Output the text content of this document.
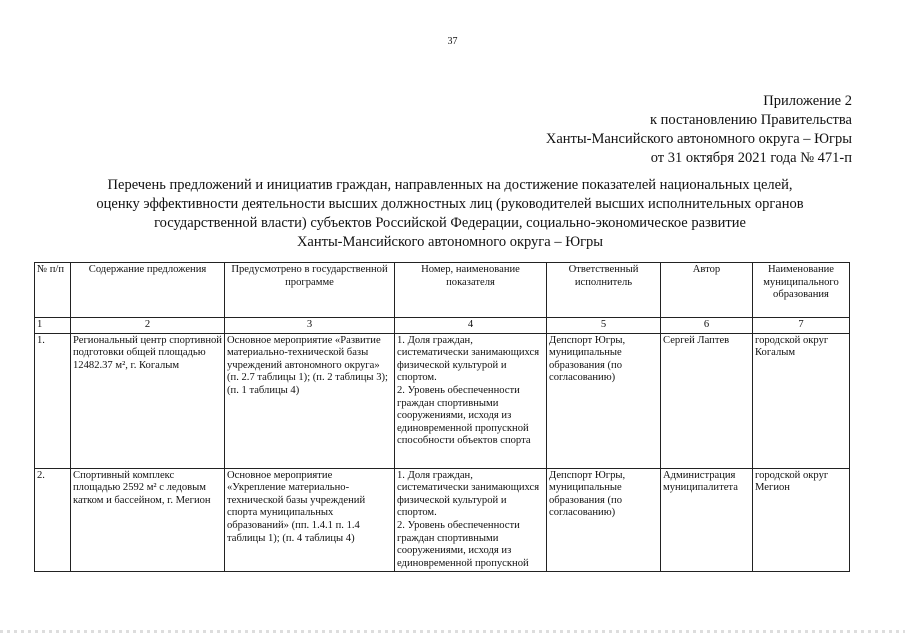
37
Приложение 2
к постановлению Правительства
Ханты-Мансийского автономного округа – Югры
от 31 октября 2021 года № 471-п
Перечень предложений и инициатив граждан, направленных на достижение показателей национальных целей,
оценку эффективности деятельности высших должностных лиц (руководителей высших исполнительных органов
государственной власти) субъектов Российской Федерации, социально-экономическое развитие
Ханты-Мансийского автономного округа – Югры
№ п/п	Содержание предложения	Предусмотрено в государственной программе	Номер, наименование показателя	Ответственный исполнитель	Автор	Наименование муниципального образования
1	2	3	4	5	6	7
1.	Региональный центр спортивной подготовки общей площадью 12482.37 м², г. Когалым	Основное мероприятие «Развитие материально-технической базы учреждений автономного округа» (п. 2.7 таблицы 1); (п. 2 таблицы 3); (п. 1 таблицы 4)	1. Доля граждан, систематически занимающихся физической культурой и спортом.
2. Уровень обеспеченности граждан спортивными сооружениями, исходя из единовременной пропускной способности объектов спорта	Депспорт Югры, муниципальные образования (по согласованию)	Сергей Лаптев	городской округ Когалым
2.	Спортивный комплекс площадью 2592 м² с ледовым катком и бассейном, г. Мегион	Основное мероприятие «Укрепление материально-технической базы учреждений спорта муниципальных образований» (пп. 1.4.1 п. 1.4 таблицы 1); (п. 4 таблицы 4)	1. Доля граждан, систематически занимающихся физической культурой и спортом.
2. Уровень обеспеченности граждан спортивными сооружениями, исходя из единовременной пропускной	Депспорт Югры, муниципальные образования (по согласованию)	Администрация муниципалитета	городской округ Мегион
